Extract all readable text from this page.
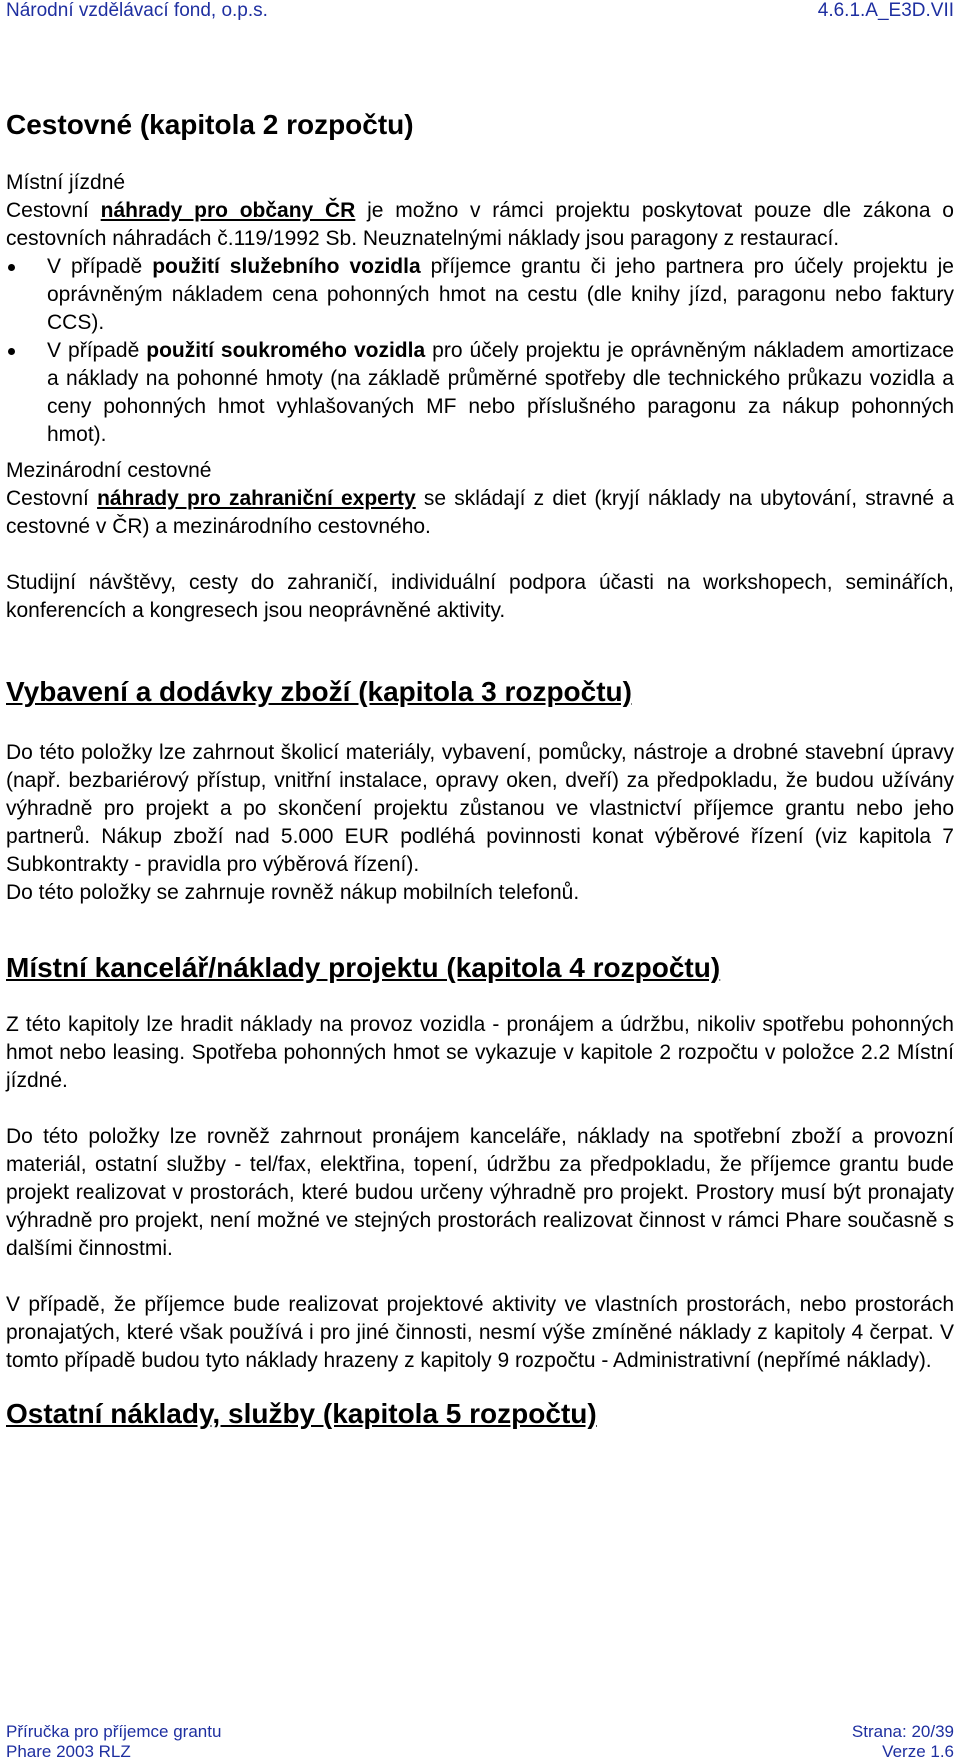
Národní vzdělávací fond, o.p.s.	4.6.1.A_E3D.VII
Cestovné (kapitola 2 rozpočtu)

Místní jízdné

Cestovní náhrady pro občany ČR je možno v rámci projektu poskytovat pouze dle zákona o cestovních náhradách č.119/1992 Sb. Neuznatelnými náklady jsou paragony z restaurací.

V případě použití služebního vozidla příjemce grantu či jeho partnera pro účely projektu je oprávněným nákladem cena pohonných hmot na cestu (dle knihy jízd, paragonu nebo faktury CCS).
V případě použití soukromého vozidla pro účely projektu je oprávněným nákladem amortizace a náklady na pohonné hmoty (na základě průměrné spotřeby dle technického průkazu vozidla a ceny pohonných hmot vyhlašovaných MF nebo příslušného paragonu za nákup pohonných hmot).

Mezinárodní cestovné

Cestovní náhrady pro zahraniční experty se skládají z diet (kryjí náklady na ubytování, stravné a cestovné v ČR) a mezinárodního cestovného.

Studijní návštěvy, cesty do zahraničí, individuální podpora účasti na workshopech, seminářích, konferencích a kongresech jsou neoprávněné aktivity.

Vybavení a dodávky zboží (kapitola 3 rozpočtu)

Do této položky lze zahrnout školicí materiály, vybavení, pomůcky, nástroje a drobné stavební úpravy (např. bezbariérový přístup, vnitřní instalace, opravy oken, dveří) za předpokladu, že budou užívány výhradně pro projekt a po skončení projektu zůstanou ve vlastnictví příjemce grantu nebo jeho partnerů. Nákup zboží nad 5.000 EUR podléhá povinnosti konat výběrové řízení (viz kapitola 7 Subkontrakty - pravidla pro výběrová řízení).

Do této položky se zahrnuje rovněž nákup mobilních telefonů.

Místní kancelář/náklady projektu (kapitola 4 rozpočtu)

Z této kapitoly lze hradit náklady na provoz vozidla - pronájem a údržbu, nikoliv spotřebu pohonných hmot nebo leasing. Spotřeba pohonných hmot se vykazuje v kapitole 2 rozpočtu v položce 2.2 Místní jízdné.

Do této položky lze rovněž zahrnout pronájem kanceláře, náklady na spotřební zboží a provozní materiál, ostatní služby - tel/fax, elektřina, topení, údržbu za předpokladu, že příjemce grantu bude projekt realizovat v prostorách, které budou určeny výhradně pro projekt. Prostory musí být pronajaty výhradně pro projekt, není možné ve stejných prostorách realizovat činnost v rámci Phare současně s dalšími činnostmi.

V případě, že příjemce bude realizovat projektové aktivity ve vlastních prostorách, nebo prostorách pronajatých, které však používá i pro jiné činnosti, nesmí výše zmíněné náklady z kapitoly 4 čerpat. V tomto případě budou tyto náklady hrazeny z kapitoly 9 rozpočtu - Administrativní (nepřímé náklady).

Ostatní náklady, služby (kapitola 5 rozpočtu)
Příručka pro příjemce grantu	Strana: 20/39
Phare 2003 RLZ	Verze 1.6
